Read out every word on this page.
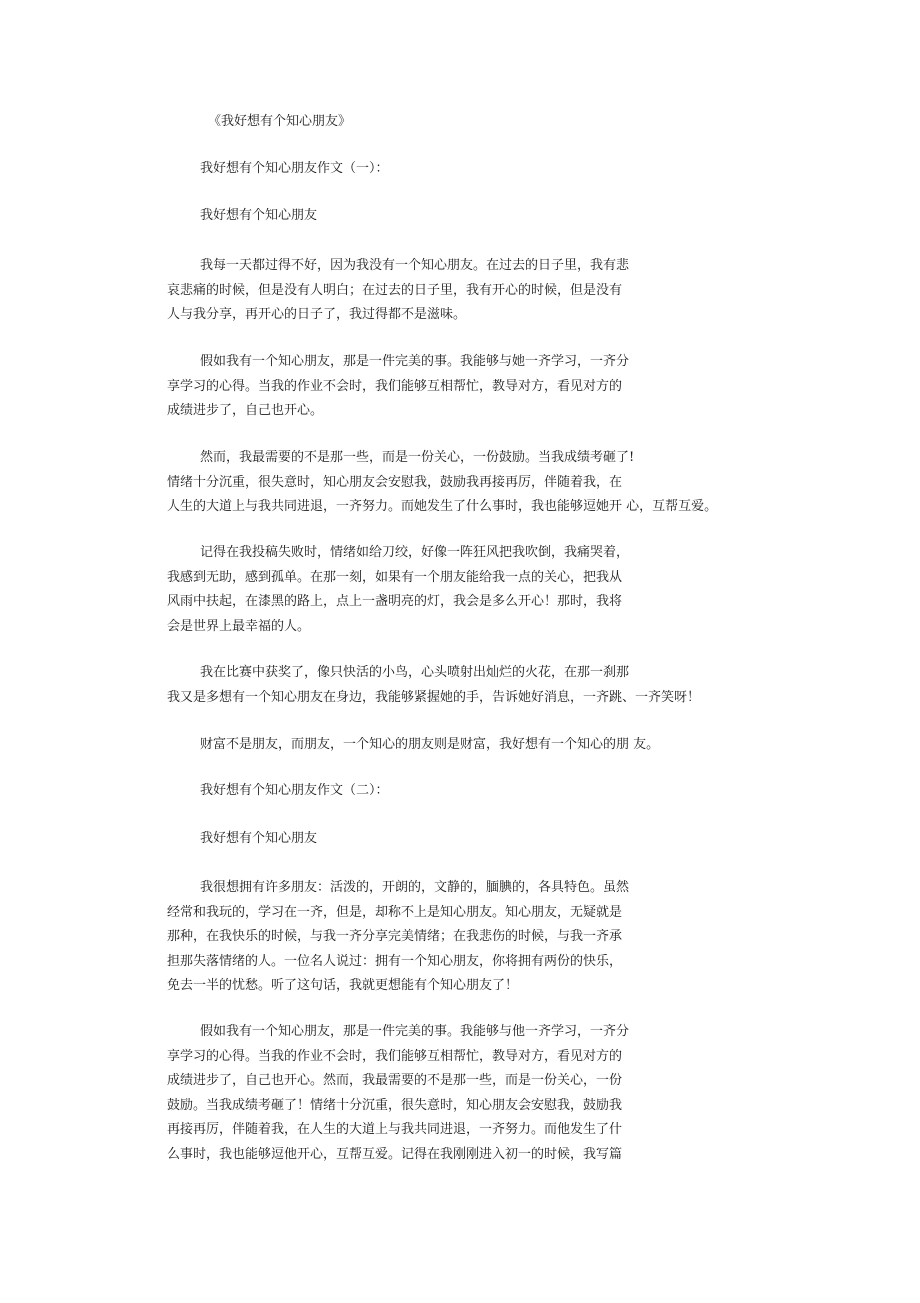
《我好想有个知心朋友》
我好想有个知心朋友作文（一）：
我好想有个知心朋友
我每一天都过得不好，因为我没有一个知心朋友。在过去的日子里，我有悲
哀悲痛的时候，但是没有人明白；在过去的日子里，我有开心的时候，但是没有
人与我分享，再开心的日子了，我过得都不是滋味。
假如我有一个知心朋友，那是一件完美的事。我能够与她一齐学习，一齐分
享学习的心得。当我的作业不会时，我们能够互相帮忙，教导对方，看见对方的
成绩进步了，自己也开心。
然而，我最需要的不是那一些，而是一份关心，一份鼓励。当我成绩考砸了!
情绪十分沉重，很失意时，知心朋友会安慰我，鼓励我再接再厉，伴随着我，在
人生的大道上与我共同进退，一齐努力。而她发生了什么事时，我也能够逗她开 心，互帮互爱。
记得在我投稿失败时，情绪如给刀绞，好像一阵狂风把我吹倒，我痛哭着，
我感到无助，感到孤单。在那一刻，如果有一个朋友能给我一点的关心，把我从
风雨中扶起，在漆黑的路上，点上一盏明亮的灯，我会是多么开心！那时，我将
会是世界上最幸福的人。
我在比赛中获奖了，像只快活的小鸟，心头喷射出灿烂的火花，在那一刹那
我又是多想有一个知心朋友在身边，我能够紧握她的手，告诉她好消息，一齐跳、一齐笑呀！
财富不是朋友，而朋友，一个知心的朋友则是财富，我好想有一个知心的朋 友。
我好想有个知心朋友作文（二）：
我好想有个知心朋友
我很想拥有许多朋友：活泼的，开朗的，文静的，腼腆的，各具特色。虽然
经常和我玩的，学习在一齐，但是，却称不上是知心朋友。知心朋友，无疑就是
那种，在我快乐的时候，与我一齐分享完美情绪；在我悲伤的时候，与我一齐承
担那失落情绪的人。一位名人说过：拥有一个知心朋友，你将拥有两份的快乐，
免去一半的忧愁。听了这句话，我就更想能有个知心朋友了！
假如我有一个知心朋友，那是一件完美的事。我能够与他一齐学习，一齐分
享学习的心得。当我的作业不会时，我们能够互相帮忙，教导对方，看见对方的
成绩进步了，自己也开心。然而，我最需要的不是那一些，而是一份关心，一份
鼓励。当我成绩考砸了！情绪十分沉重，很失意时，知心朋友会安慰我，鼓励我
再接再厉，伴随着我，在人生的大道上与我共同进退，一齐努力。而他发生了什
么事时，我也能够逗他开心，互帮互爱。记得在我刚刚进入初一的时候，我写篇
